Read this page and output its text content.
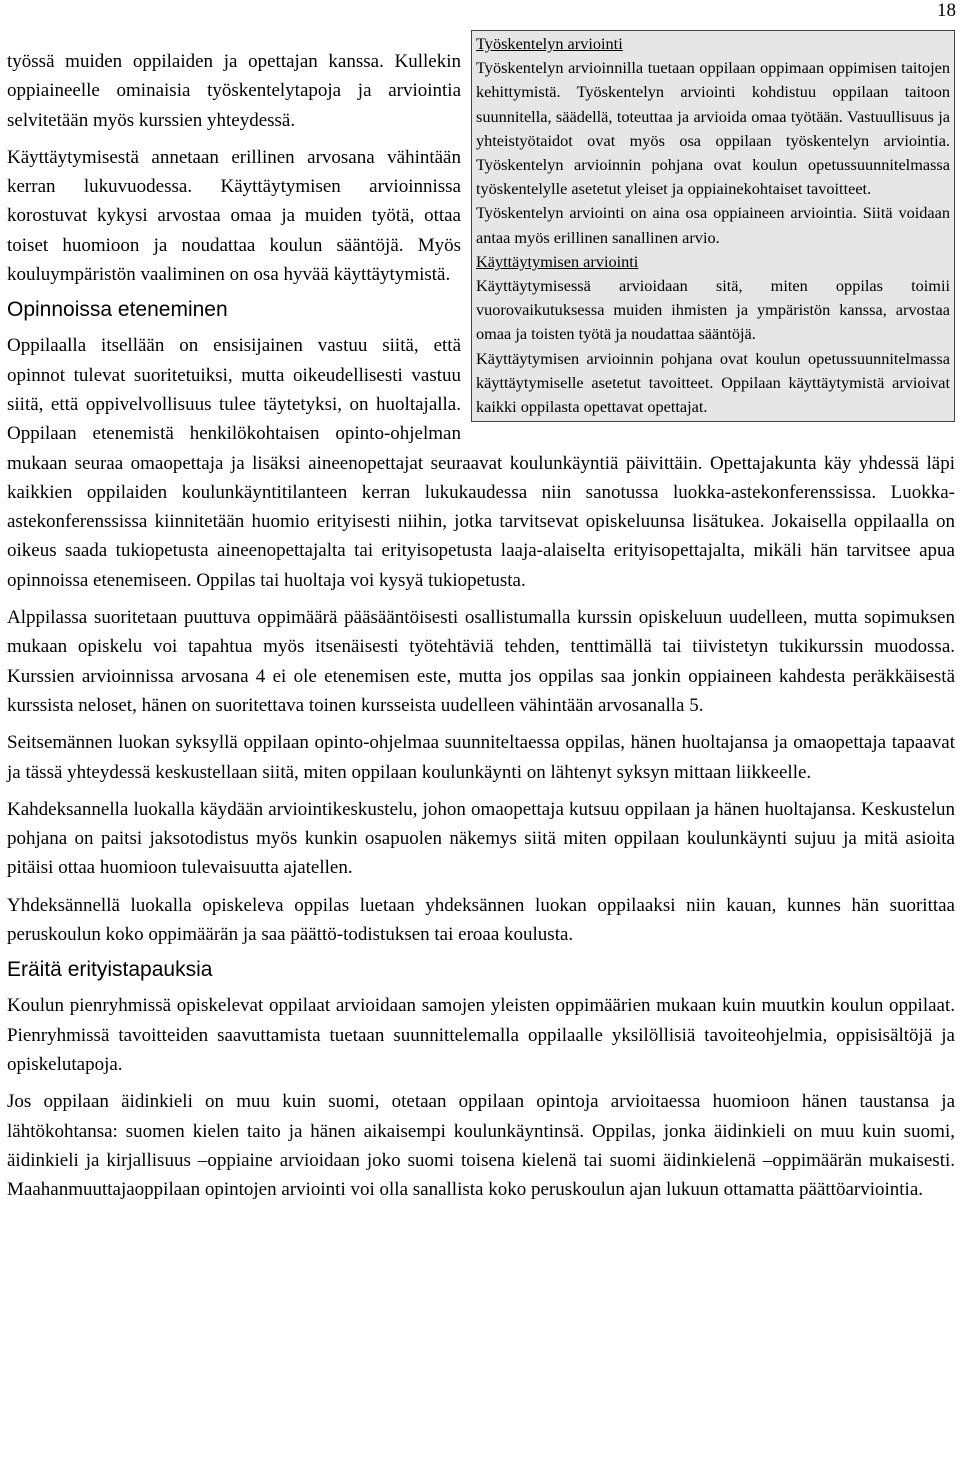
18
Työskentelyn arviointi

Työskentelyn arvioinnilla tuetaan oppilaan oppimaan oppimisen taitojen kehittymistä. Työskentelyn arviointi kohdistuu oppilaan taitoon suunnitella, säädellä, toteuttaa ja arvioida omaa työtään. Vastuullisuus ja yhteistyötaidot ovat myös osa oppilaan työskentelyn arviointia. Työskentelyn arvioinnin pohjana ovat koulun opetussuunnitelmassa työskentelylle asetetut yleiset ja oppiainekohtaiset tavoitteet.

Työskentelyn arviointi on aina osa oppiaineen arviointia. Siitä voidaan antaa myös erillinen sanallinen arvio.

Käyttäytymisen arviointi

Käyttäytymisessä arvioidaan sitä, miten oppilas toimii vuorovaikutuksessa muiden ihmisten ja ympäristön kanssa, arvostaa omaa ja toisten työtä ja noudattaa sääntöjä.

Käyttäytymisen arvioinnin pohjana ovat koulun opetussuunnitelmassa käyttäytymiselle asetetut tavoitteet. Oppilaan käyttäytymistä arvioivat kaikki oppilasta opettavat opettajat.

työssä muiden oppilaiden ja opettajan kanssa. Kullekin oppiaineelle ominaisia työskentelytapoja ja arviointia selvitetään myös kurssien yhteydessä.

Käyttäytymisestä annetaan erillinen arvosana vähintään kerran lukuvuodessa. Käyttäytymisen arvioinnissa korostuvat kykysi arvostaa omaa ja muiden työtä, ottaa toiset huomioon ja noudattaa koulun sääntöjä. Myös kouluympäristön vaaliminen on osa hyvää käyttäytymistä.

Opinnoissa eteneminen

Oppilaalla itsellään on ensisijainen vastuu siitä, että opinnot tulevat suoritetuiksi, mutta oikeudellisesti vastuu siitä, että oppivelvollisuus tulee täytetyksi, on huoltajalla. Oppilaan etenemistä henkilökohtaisen opinto-ohjelman mukaan seuraa omaopettaja ja lisäksi aineenopettajat seuraavat koulunkäyntiä päivittäin. Opettajakunta käy yhdessä läpi kaikkien oppilaiden koulunkäyntitilanteen kerran lukukaudessa niin sanotussa luokka-astekonferenssissa. Luokka-astekonferenssissa kiinnitetään huomio erityisesti niihin, jotka tarvitsevat opiskeluunsa lisätukea. Jokaisella oppilaalla on oikeus saada tukiopetusta aineenopettajalta tai erityisopetusta laaja-alaiselta erityisopettajalta, mikäli hän tarvitsee apua opinnoissa etenemiseen. Oppilas tai huoltaja voi kysyä tukiopetusta.

Alppilassa suoritetaan puuttuva oppimäärä pääsääntöisesti osallistumalla kurssin opiskeluun uudelleen, mutta sopimuksen mukaan opiskelu voi tapahtua myös itsenäisesti työtehtäviä tehden, tenttimällä tai tiivistetyn tukikurssin muodossa. Kurssien arvioinnissa arvosana 4 ei ole etenemisen este, mutta jos oppilas saa jonkin oppiaineen kahdesta peräkkäisestä kurssista neloset, hänen on suoritettava toinen kursseista uudelleen vähintään arvosanalla 5.

Seitsemännen luokan syksyllä oppilaan opinto-ohjelmaa suunniteltaessa oppilas, hänen huoltajansa ja omaopettaja tapaavat ja tässä yhteydessä keskustellaan siitä, miten oppilaan koulunkäynti on lähtenyt syksyn mittaan liikkeelle.

Kahdeksannella luokalla käydään arviointikeskustelu, johon omaopettaja kutsuu oppilaan ja hänen huoltajansa. Keskustelun pohjana on paitsi jaksotodistus myös kunkin osapuolen näkemys siitä miten oppilaan koulunkäynti sujuu ja mitä asioita pitäisi ottaa huomioon tulevaisuutta ajatellen.

Yhdeksännellä luokalla opiskeleva oppilas luetaan yhdeksännen luokan oppilaaksi niin kauan, kunnes hän suorittaa peruskoulun koko oppimäärän ja saa päättö-todistuksen tai eroaa koulusta.

Eräitä erityistapauksia

Koulun pienryhmissä opiskelevat oppilaat arvioidaan samojen yleisten oppimäärien mukaan kuin muutkin koulun oppilaat. Pienryhmissä tavoitteiden saavuttamista tuetaan suunnittelemalla oppilaalle yksilöllisiä tavoiteohjelmia, oppisisältöjä ja opiskelutapoja.

Jos oppilaan äidinkieli on muu kuin suomi, otetaan oppilaan opintoja arvioitaessa huomioon hänen taustansa ja lähtökohtansa: suomen kielen taito ja hänen aikaisempi koulunkäyntinsä. Oppilas, jonka äidinkieli on muu kuin suomi, äidinkieli ja kirjallisuus –oppiaine arvioidaan joko suomi toisena kielenä tai suomi äidinkielenä –oppimäärän mukaisesti. Maahanmuuttajaoppilaan opintojen arviointi voi olla sanallista koko peruskoulun ajan lukuun ottamatta päättöarviointia.
